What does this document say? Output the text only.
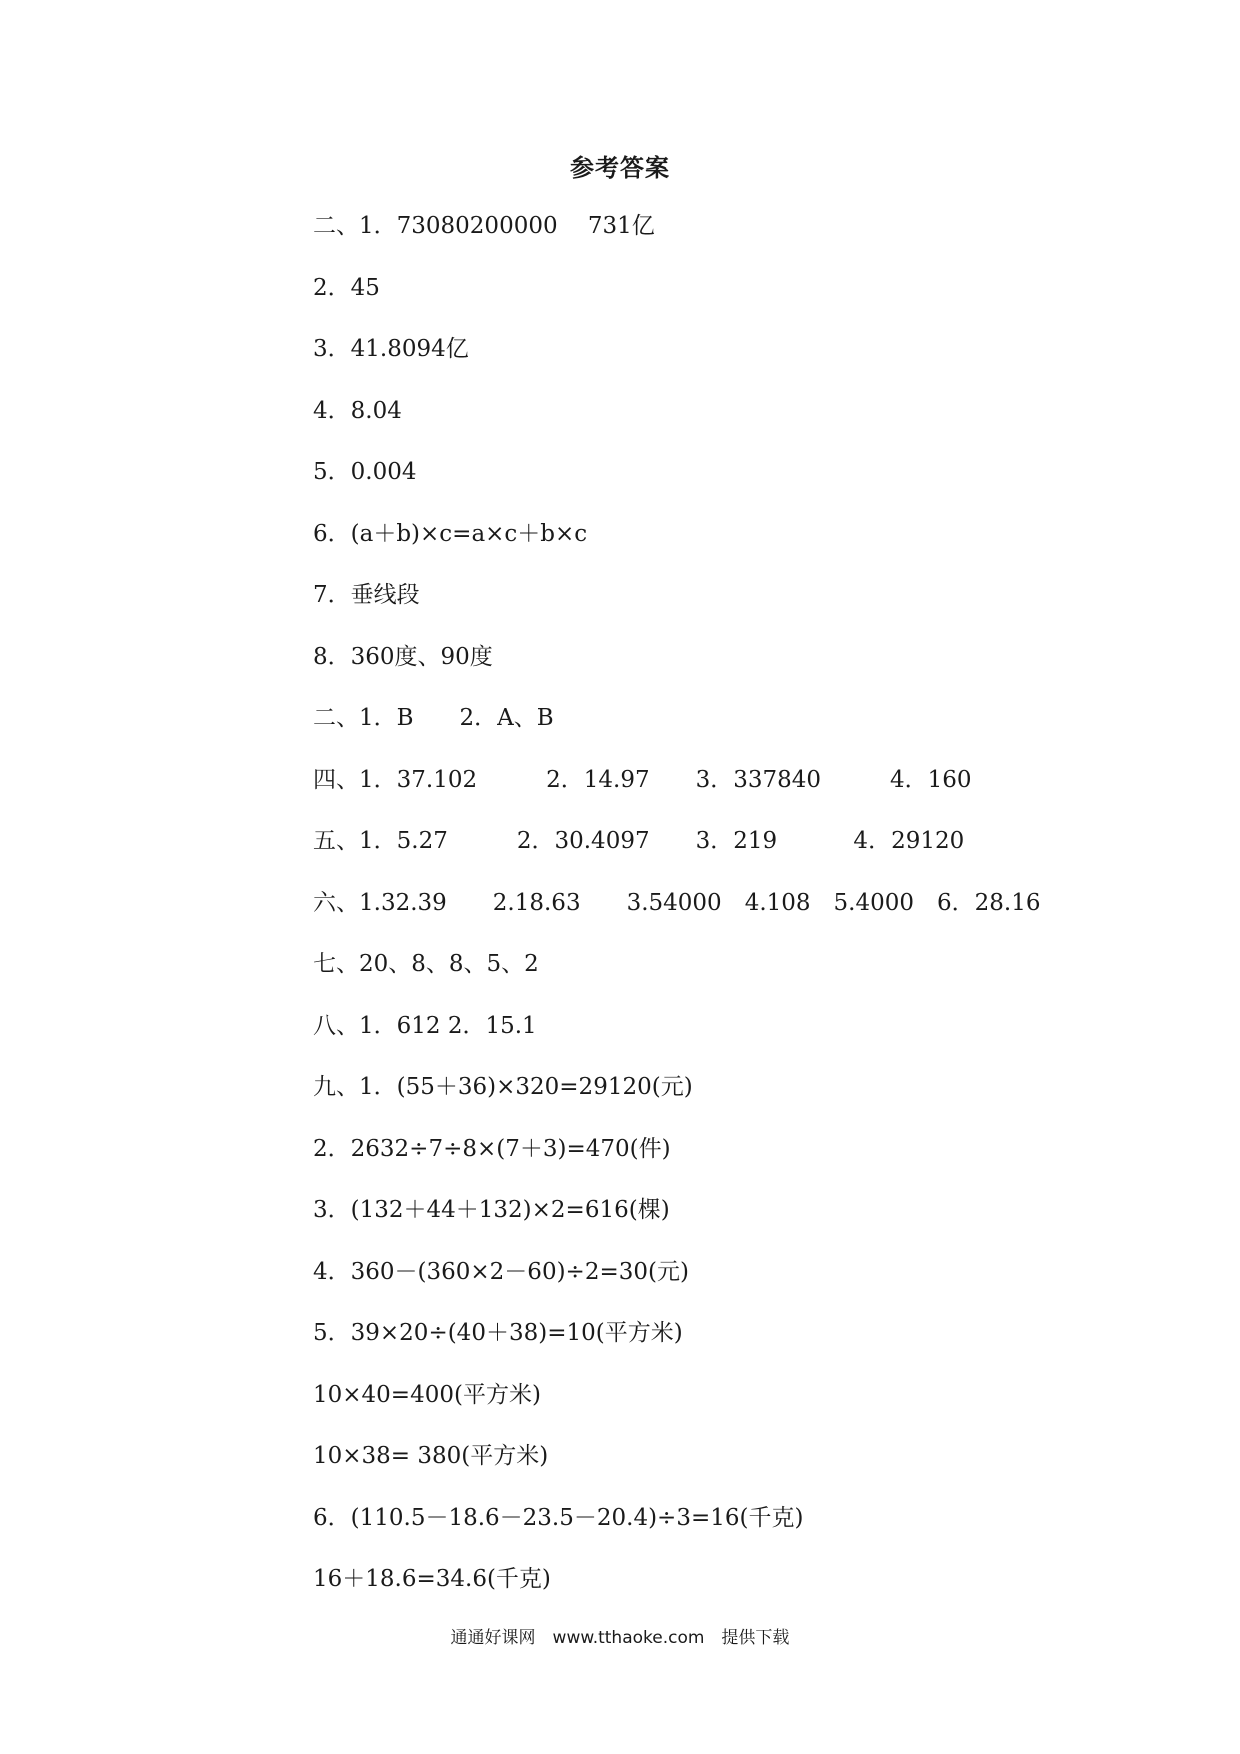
参考答案
二、1．73080200000　 731亿
2．45
3．41.8094亿
4．8.04
5．0.004
6．(a＋b)×c=a×c＋b×c
7．垂线段
8．360度、90度
二、1．B　　2．A、B
四、1．37.102　　　2．14.97　　3．337840　　　4．160
五、1．5.27　　　2．30.4097　　3．219　　　 4．29120
六、1.32.39　　2.18.63　　3.54000　4.108　5.4000　6．28.16
七、20、8、8、5、2
八、1．612 2．15.1
九、1．(55＋36)×320=29120(元)
2．2632÷7÷8×(7＋3)=470(件)
3．(132＋44＋132)×2=616(棵)
4．360－(360×2－60)÷2=30(元)
5．39×20÷(40＋38)=10(平方米)
10×40=400(平方米)
10×38= 380(平方米)
6．(110.5－18.6－23.5－20.4)÷3=16(千克)
16＋18.6=34.6(千克)
通通好课网　www.tthaoke.com　提供下载
